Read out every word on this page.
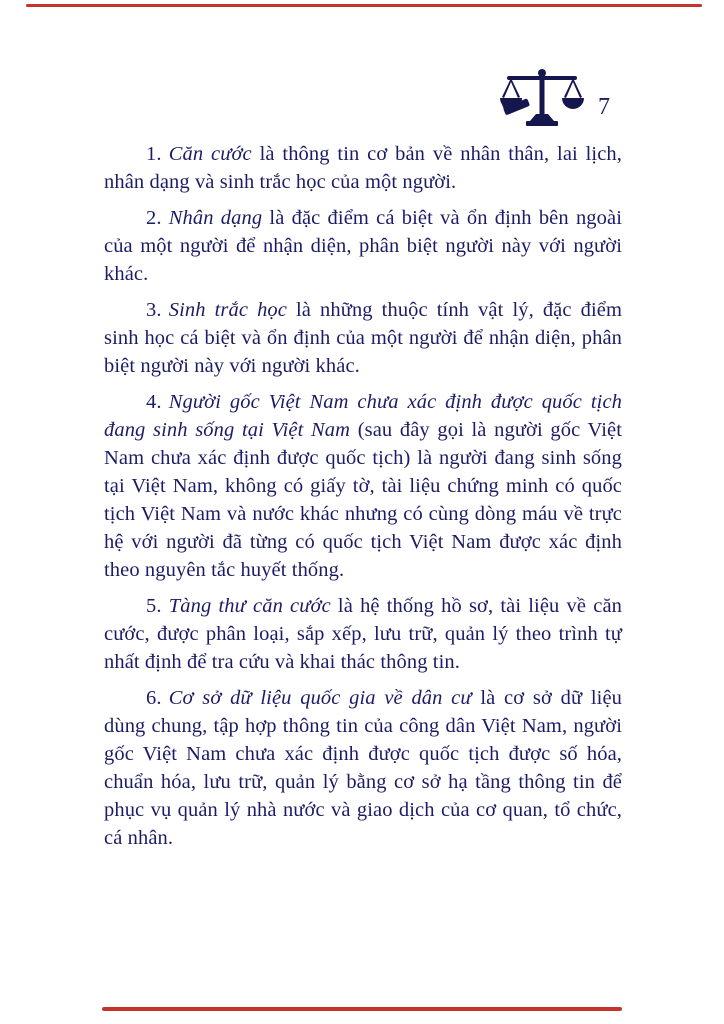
7

1. Căn cước là thông tin cơ bản về nhân thân, lai lịch, nhân dạng và sinh trắc học của một người.

2. Nhân dạng là đặc điểm cá biệt và ổn định bên ngoài của một người để nhận diện, phân biệt người này với người khác.

3. Sinh trắc học là những thuộc tính vật lý, đặc điểm sinh học cá biệt và ổn định của một người để nhận diện, phân biệt người này với người khác.

4. Người gốc Việt Nam chưa xác định được quốc tịch đang sinh sống tại Việt Nam (sau đây gọi là người gốc Việt Nam chưa xác định được quốc tịch) là người đang sinh sống tại Việt Nam, không có giấy tờ, tài liệu chứng minh có quốc tịch Việt Nam và nước khác nhưng có cùng dòng máu về trực hệ với người đã từng có quốc tịch Việt Nam được xác định theo nguyên tắc huyết thống.

5. Tàng thư căn cước là hệ thống hồ sơ, tài liệu về căn cước, được phân loại, sắp xếp, lưu trữ, quản lý theo trình tự nhất định để tra cứu và khai thác thông tin.

6. Cơ sở dữ liệu quốc gia về dân cư là cơ sở dữ liệu dùng chung, tập hợp thông tin của công dân Việt Nam, người gốc Việt Nam chưa xác định được quốc tịch được số hóa, chuẩn hóa, lưu trữ, quản lý bằng cơ sở hạ tầng thông tin để phục vụ quản lý nhà nước và giao dịch của cơ quan, tổ chức, cá nhân.
